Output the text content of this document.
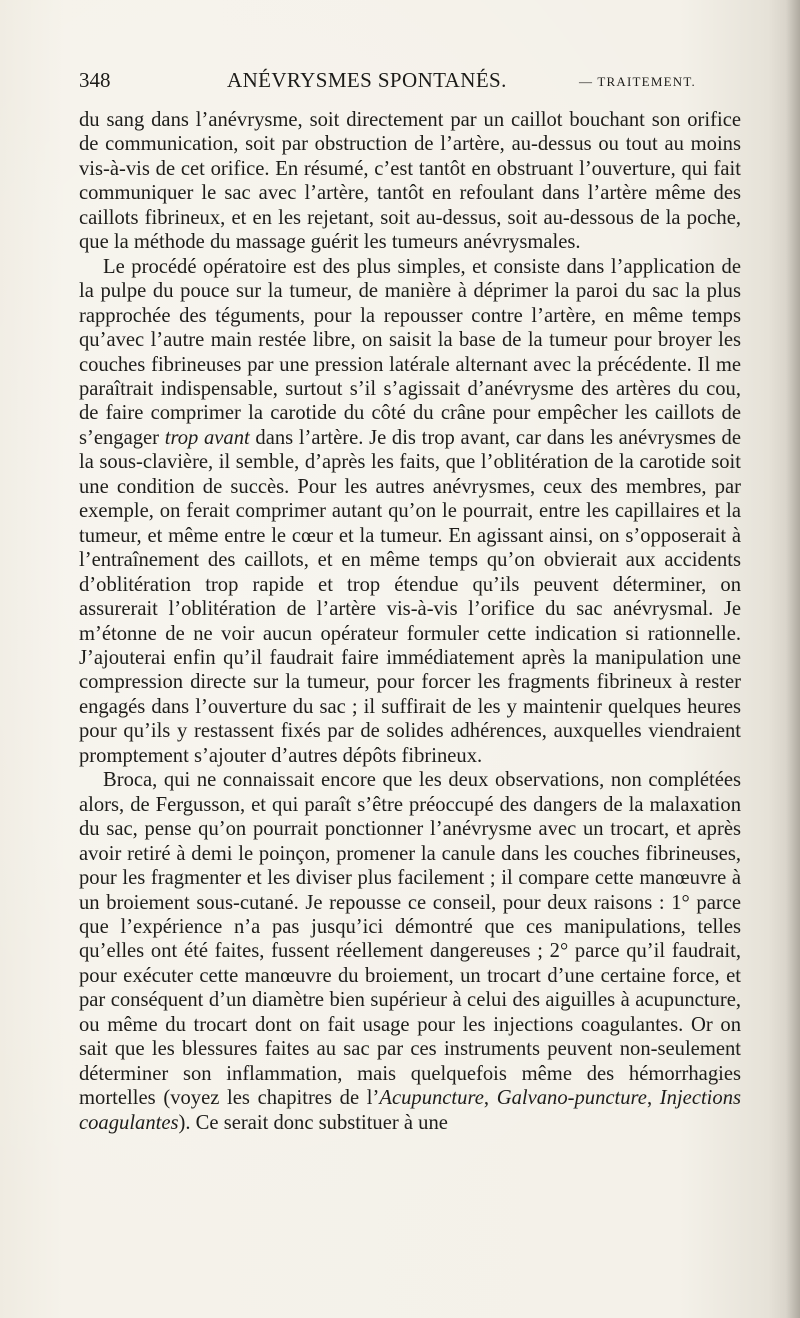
348	ANÉVRYSMES SPONTANÉS.	— TRAITEMENT.

du sang dans l’anévrysme, soit directement par un caillot bouchant son orifice de communication, soit par obstruction de l’artère, au-dessus ou tout au moins vis-à-vis de cet orifice. En résumé, c’est tantôt en obstruant l’ouverture, qui fait communiquer le sac avec l’artère, tantôt en refoulant dans l’artère même des caillots fibrineux, et en les rejetant, soit au-dessus, soit au-dessous de la poche, que la méthode du massage guérit les tumeurs anévrysmales.

Le procédé opératoire est des plus simples, et consiste dans l’application de la pulpe du pouce sur la tumeur, de manière à déprimer la paroi du sac la plus rapprochée des téguments, pour la repousser contre l’artère, en même temps qu’avec l’autre main restée libre, on saisit la base de la tumeur pour broyer les couches fibrineuses par une pression latérale alternant avec la précédente. Il me paraîtrait indispensable, surtout s’il s’agissait d’anévrysme des artères du cou, de faire comprimer la carotide du côté du crâne pour empêcher les caillots de s’engager trop avant dans l’artère. Je dis trop avant, car dans les anévrysmes de la sous-clavière, il semble, d’après les faits, que l’oblitération de la carotide soit une condition de succès. Pour les autres anévrysmes, ceux des membres, par exemple, on ferait comprimer autant qu’on le pourrait, entre les capillaires et la tumeur, et même entre le cœur et la tumeur. En agissant ainsi, on s’opposerait à l’entraînement des caillots, et en même temps qu’on obvierait aux accidents d’oblitération trop rapide et trop étendue qu’ils peuvent déterminer, on assurerait l’oblitération de l’artère vis-à-vis l’orifice du sac anévrysmal. Je m’étonne de ne voir aucun opérateur formuler cette indication si rationnelle. J’ajouterai enfin qu’il faudrait faire immédiatement après la manipulation une compression directe sur la tumeur, pour forcer les fragments fibrineux à rester engagés dans l’ouverture du sac ; il suffirait de les y maintenir quelques heures pour qu’ils y restassent fixés par de solides adhérences, auxquelles viendraient promptement s’ajouter d’autres dépôts fibrineux.

Broca, qui ne connaissait encore que les deux observations, non complétées alors, de Fergusson, et qui paraît s’être préoccupé des dangers de la malaxation du sac, pense qu’on pourrait ponctionner l’anévrysme avec un trocart, et après avoir retiré à demi le poinçon, promener la canule dans les couches fibrineuses, pour les fragmenter et les diviser plus facilement ; il compare cette manœuvre à un broiement sous-cutané. Je repousse ce conseil, pour deux raisons : 1° parce que l’expérience n’a pas jusqu’ici démontré que ces manipulations, telles qu’elles ont été faites, fussent réellement dangereuses ; 2° parce qu’il faudrait, pour exécuter cette manœuvre du broiement, un trocart d’une certaine force, et par conséquent d’un diamètre bien supérieur à celui des aiguilles à acupuncture, ou même du trocart dont on fait usage pour les injections coagulantes. Or on sait que les blessures faites au sac par ces instruments peuvent non-seulement déterminer son inflammation, mais quelquefois même des hémorrhagies mortelles (voyez les chapitres de l’Acupuncture, Galvano-puncture, Injections coagulantes). Ce serait donc substituer à une
